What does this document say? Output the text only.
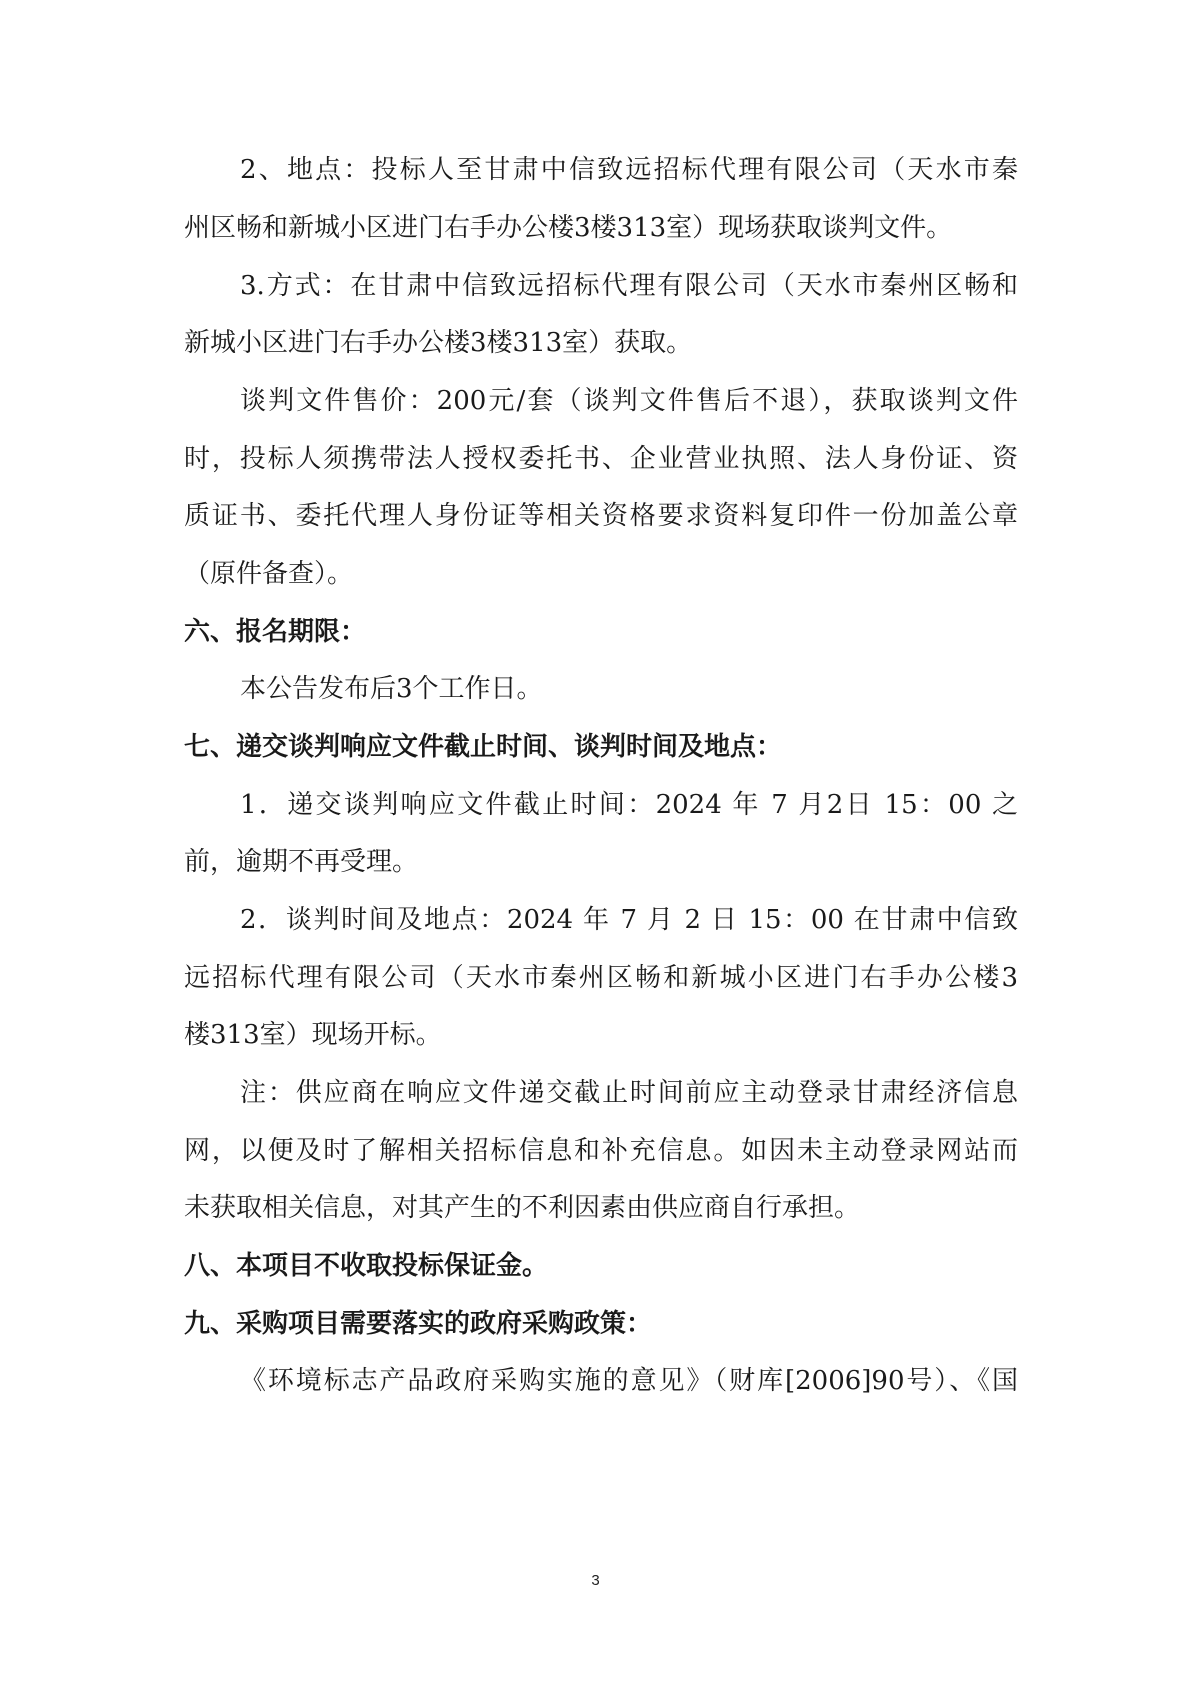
2、地点：投标人至甘肃中信致远招标代理有限公司（天水市秦
州区畅和新城小区进门右手办公楼3楼313室）现场获取谈判文件。
3.方式：在甘肃中信致远招标代理有限公司（天水市秦州区畅和
新城小区进门右手办公楼3楼313室）获取。
谈判文件售价：200元/套（谈判文件售后不退），获取谈判文件
时，投标人须携带法人授权委托书、企业营业执照、法人身份证、资
质证书、委托代理人身份证等相关资格要求资料复印件一份加盖公章
（原件备查）。
六、报名期限：
本公告发布后3个工作日。
七、递交谈判响应文件截止时间、谈判时间及地点：
1．递交谈判响应文件截止时间：2024 年 7 月2日 15：00 之
前，逾期不再受理。
2．谈判时间及地点：2024 年 7 月 2 日 15：00 在甘肃中信致
远招标代理有限公司（天水市秦州区畅和新城小区进门右手办公楼3
楼313室）现场开标。
注：供应商在响应文件递交截止时间前应主动登录甘肃经济信息
网，以便及时了解相关招标信息和补充信息。如因未主动登录网站而
未获取相关信息，对其产生的不利因素由供应商自行承担。
八、本项目不收取投标保证金。
九、采购项目需要落实的政府采购政策：
《环境标志产品政府采购实施的意见》（财库[2006]90号）、《国
3
